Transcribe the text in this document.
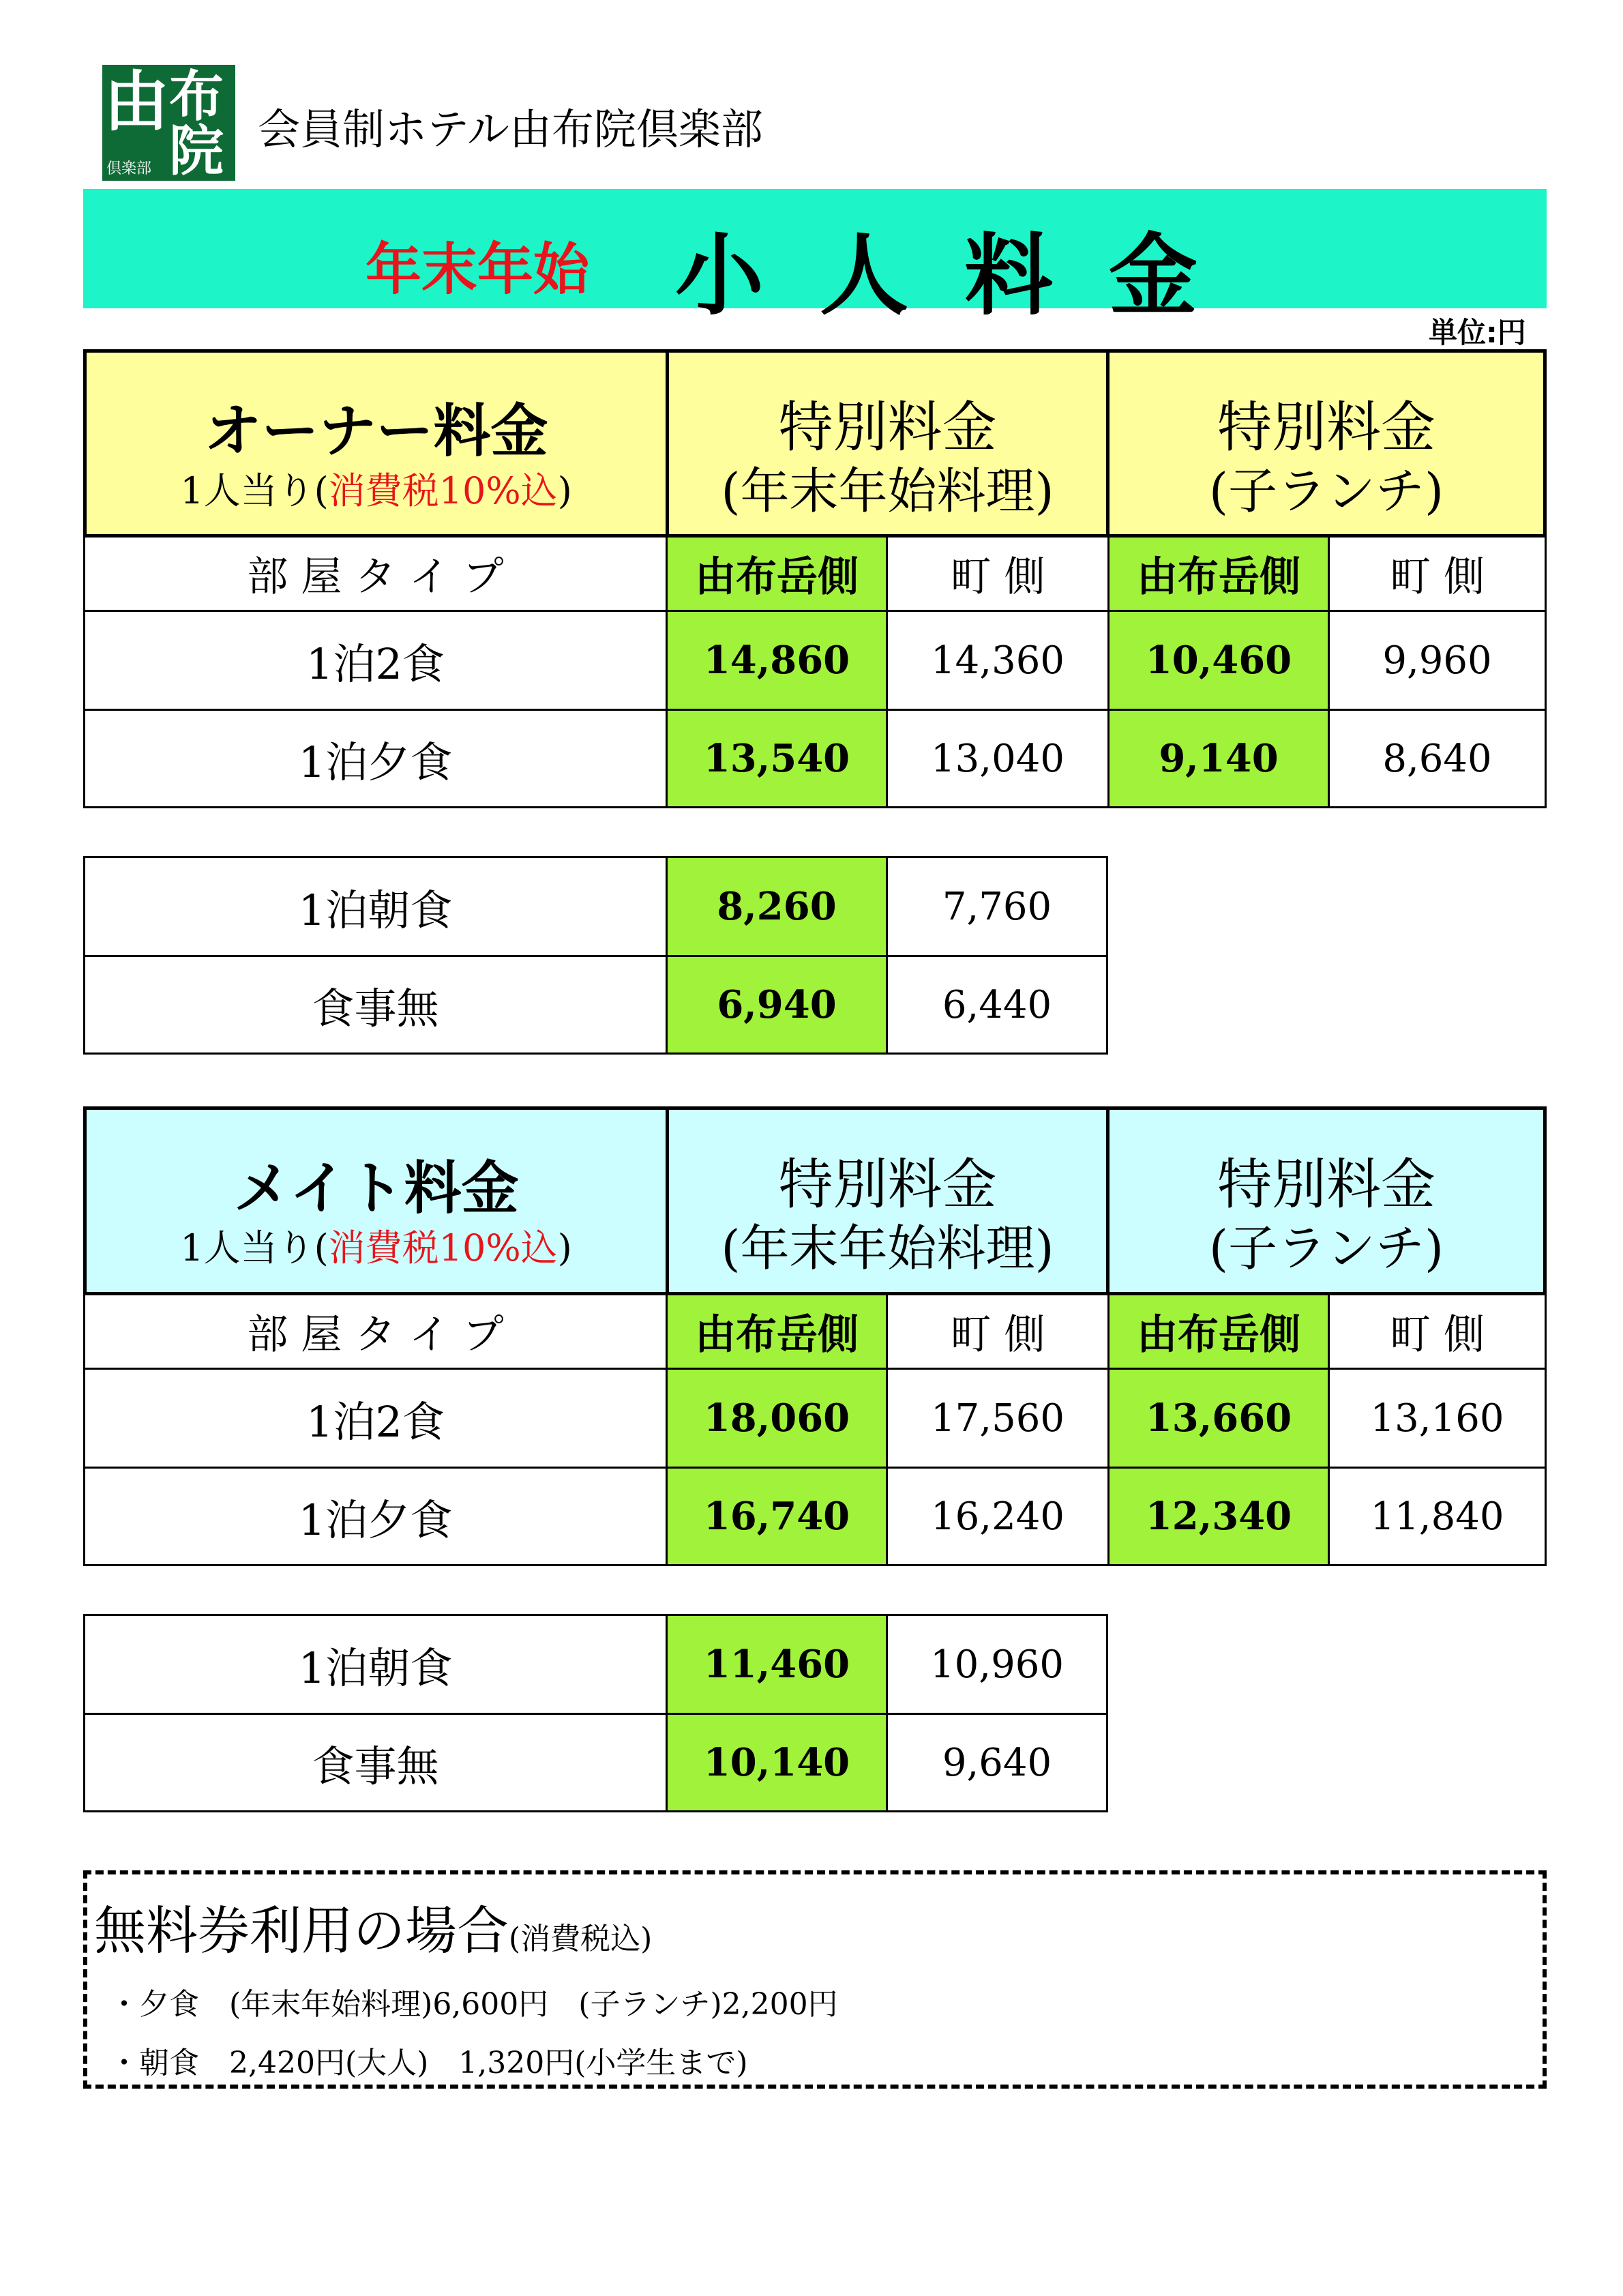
由 布
院
倶楽部
会員制ホテル由布院倶楽部
年末年始 小人料金
単位:円
オーナー料金
1人当り(消費税10%込)
特別料金
(年末年始料理)
特別料金
(子ランチ)
部 屋 タ イ プ	由布岳側	町 側	由布岳側	町 側
1泊2食	14,860	14,360	10,460	9,960
1泊夕食	13,540	13,040	9,140	8,640
1泊朝食	8,260	7,760
食事無	6,940	6,440
メイト料金
1人当り(消費税10%込)
特別料金
(年末年始料理)
特別料金
(子ランチ)
部 屋 タ イ プ	由布岳側	町 側	由布岳側	町 側
1泊2食	18,060	17,560	13,660	13,160
1泊夕食	16,740	16,240	12,340	11,840
1泊朝食	11,460	10,960
食事無	10,140	9,640
無料券利用の場合(消費税込)
・夕食　(年末年始料理)6,600円　(子ランチ)2,200円
・朝食　2,420円(大人)　1,320円(小学生まで)
